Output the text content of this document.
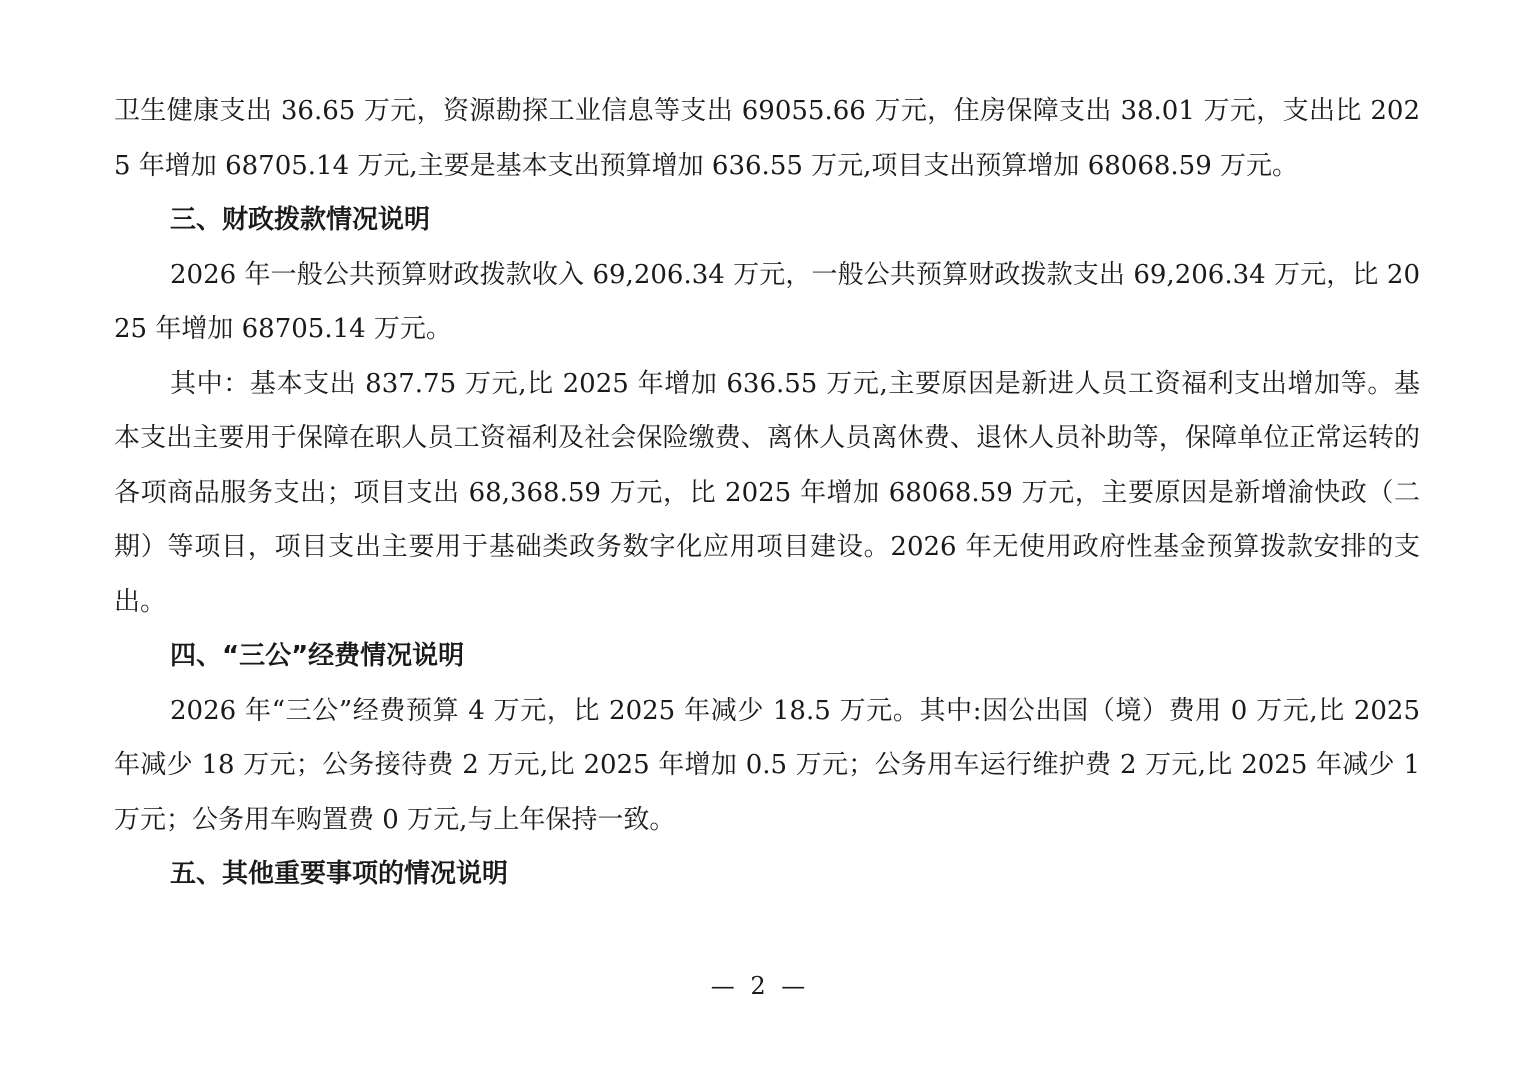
卫生健康支出 36.65 万元，资源勘探工业信息等支出 69055.66 万元，住房保障支出 38.01 万元，支出比 2025 年增加 68705.14 万元,主要是基本支出预算增加 636.55 万元,项目支出预算增加 68068.59 万元。

三、财政拨款情况说明

2026 年一般公共预算财政拨款收入 69,206.34 万元，一般公共预算财政拨款支出 69,206.34 万元，比 2025 年增加 68705.14 万元。

其中：基本支出 837.75 万元,比 2025 年增加 636.55 万元,主要原因是新进人员工资福利支出增加等。基本支出主要用于保障在职人员工资福利及社会保险缴费、离休人员离休费、退休人员补助等，保障单位正常运转的各项商品服务支出；项目支出 68,368.59 万元，比 2025 年增加 68068.59 万元，主要原因是新增渝快政（二期）等项目，项目支出主要用于基础类政务数字化应用项目建设。2026 年无使用政府性基金预算拨款安排的支出。

四、“三公”经费情况说明

2026 年“三公”经费预算 4 万元，比 2025 年减少 18.5 万元。其中:因公出国（境）费用 0 万元,比 2025 年减少 18 万元；公务接待费 2 万元,比 2025 年增加 0.5 万元；公务用车运行维护费 2 万元,比 2025 年减少 1 万元；公务用车购置费 0 万元,与上年保持一致。

五、其他重要事项的情况说明
— 2 —
